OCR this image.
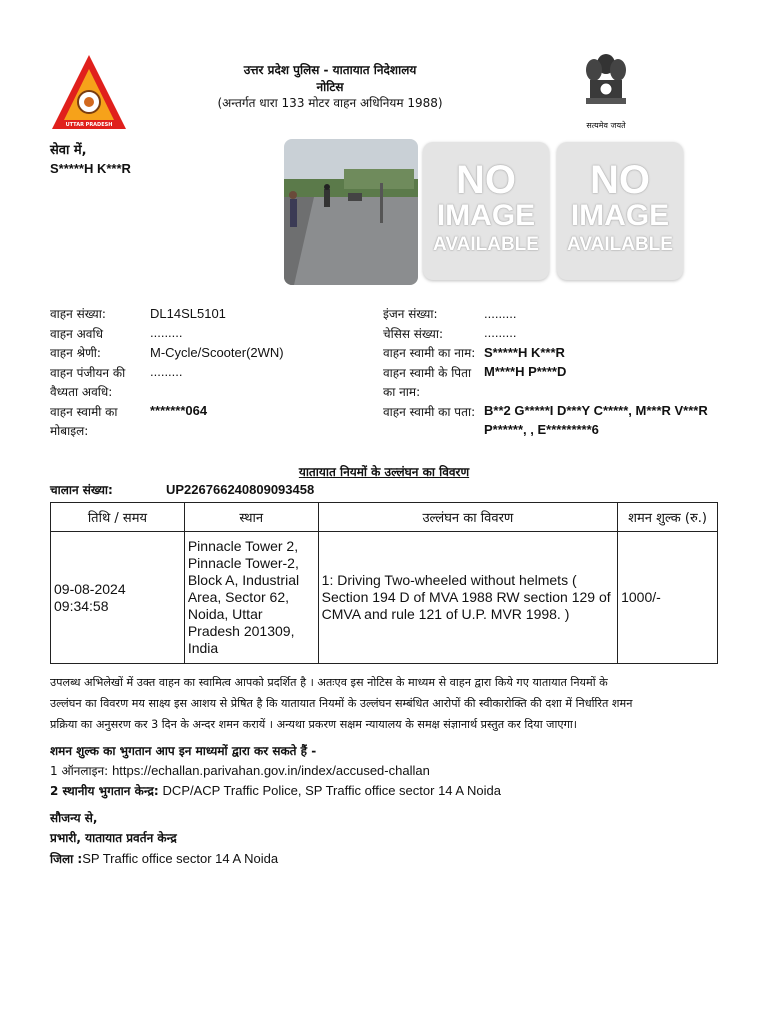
UTTAR PRADESH
उत्तर प्रदेश पुलिस - यातायात निदेशालय
नोटिस
(अन्तर्गत धारा 133 मोटर वाहन अधिनियम 1988)
सत्यमेव जयते
सेवा में,
S*****H K***R	NO
IMAGE
AVAILABLE
NO
IMAGE
AVAILABLE
वाहन संख्या:	DL14SL5101
वाहन अवधि	.........
वाहन श्रेणी:	M-Cycle/Scooter(2WN)
वाहन पंजीयन की
वैध्यता अवधि:
.........
वाहन स्वामी का
मोबाइल:
*******064
इंजन संख्या:	.........
चेसिस संख्या:	.........
वाहन स्वामी का नाम: S*****H K***R
वाहन स्वामी के पिता
का नाम:
M****H P****D
वाहन स्वामी का पता: B**2 G*****I D***Y C*****, M***R V***R
P******, , E*********6
यातायात नियमों के उल्लंघन का विवरण
चालान संख्या:	UP226766240809093458
तिथि / समय	स्थान	उल्लंघन का विवरण	शमन शुल्क (रु.)

09-08-2024
09:34:58	Pinnacle Tower 2, Pinnacle Tower-2, Block A, Industrial Area, Sector 62, Noida, Uttar Pradesh 201309, India	1: Driving Two-wheeled without helmets ( Section 194 D of MVA 1988 RW section 129 of CMVA and rule 121 of U.P. MVR 1998. )	1000/-
उपलब्ध अभिलेखों में उक्त वाहन का स्वामित्व आपको प्रदर्शित है । अतःएव इस नोटिस के माध्यम से वाहन द्वारा किये गए यातायात नियमों के
उल्लंघन का विवरण मय साक्ष्य इस आशय से प्रेषित है कि यातायात नियमों के उल्लंघन सम्बंधित आरोपों की स्वीकारोक्ति की दशा में निर्धारित शमन
प्रक्रिया का अनुसरण कर 3 दिन के अन्दर शमन करायें । अन्यथा प्रकरण सक्षम न्यायालय के समक्ष संज्ञानार्थ प्रस्तुत कर दिया जाएगा।
शमन शुल्क का भुगतान आप इन माध्यमों द्वारा कर सकते हैं -
1 ऑनलाइन: https://echallan.parivahan.gov.in/index/accused-challan
2 स्थानीय भुगतान केन्द्र: DCP/ACP Traffic Police, SP Traffic office sector 14 A Noida
सौजन्य से,
प्रभारी, यातायात प्रवर्तन केन्द्र
जिला :SP Traffic office sector 14 A Noida
